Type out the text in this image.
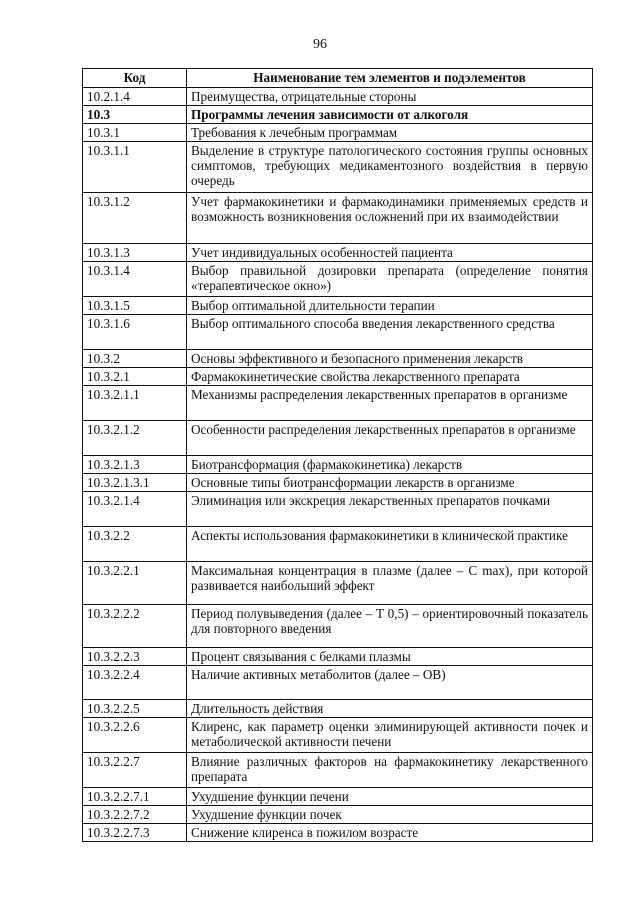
96
Код	Наименование тем элементов и подэлементов
10.2.1.4	Преимущества, отрицательные стороны
10.3	Программы лечения зависимости от алкоголя
10.3.1	Требования к лечебным программам
10.3.1.1	Выделение в структуре патологического состояния группы основных симптомов, требующих медикаментозного воздействия в первую очередь
10.3.1.2	Учет фармакокинетики и фармакодинамики применяемых средств и возможность возникновения осложнений при их взаимодействии
10.3.1.3	Учет индивидуальных особенностей пациента
10.3.1.4	Выбор правильной дозировки препарата (определение понятия «терапевтическое окно»)
10.3.1.5	Выбор оптимальной длительности терапии
10.3.1.6	Выбор оптимального способа введения лекарственного средства
10.3.2	Основы эффективного и безопасного применения лекарств
10.3.2.1	Фармакокинетические свойства лекарственного препарата
10.3.2.1.1	Механизмы распределения лекарственных препаратов в организме
10.3.2.1.2	Особенности распределения лекарственных препаратов в организме
10.3.2.1.3	Биотрансформация (фармакокинетика) лекарств
10.3.2.1.3.1	Основные типы биотрансформации лекарств в организме
10.3.2.1.4	Элиминация или экскреция лекарственных препаратов почками
10.3.2.2	Аспекты использования фармакокинетики в клинической практике
10.3.2.2.1	Максимальная концентрация в плазме (далее – С max), при которой развивается наибольший эффект
10.3.2.2.2	Период полувыведения (далее – Т 0,5) – ориентировочный показатель для повторного введения
10.3.2.2.3	Процент связывания с белками плазмы
10.3.2.2.4	Наличие активных метаболитов (далее – ОВ)
10.3.2.2.5	Длительность действия
10.3.2.2.6	Клиренс, как параметр оценки элиминирующей активности почек и метаболической активности печени
10.3.2.2.7	Влияние различных факторов на фармакокинетику лекарственного препарата
10.3.2.2.7.1	Ухудшение функции печени
10.3.2.2.7.2	Ухудшение функции почек
10.3.2.2.7.3	Снижение клиренса в пожилом возрасте
